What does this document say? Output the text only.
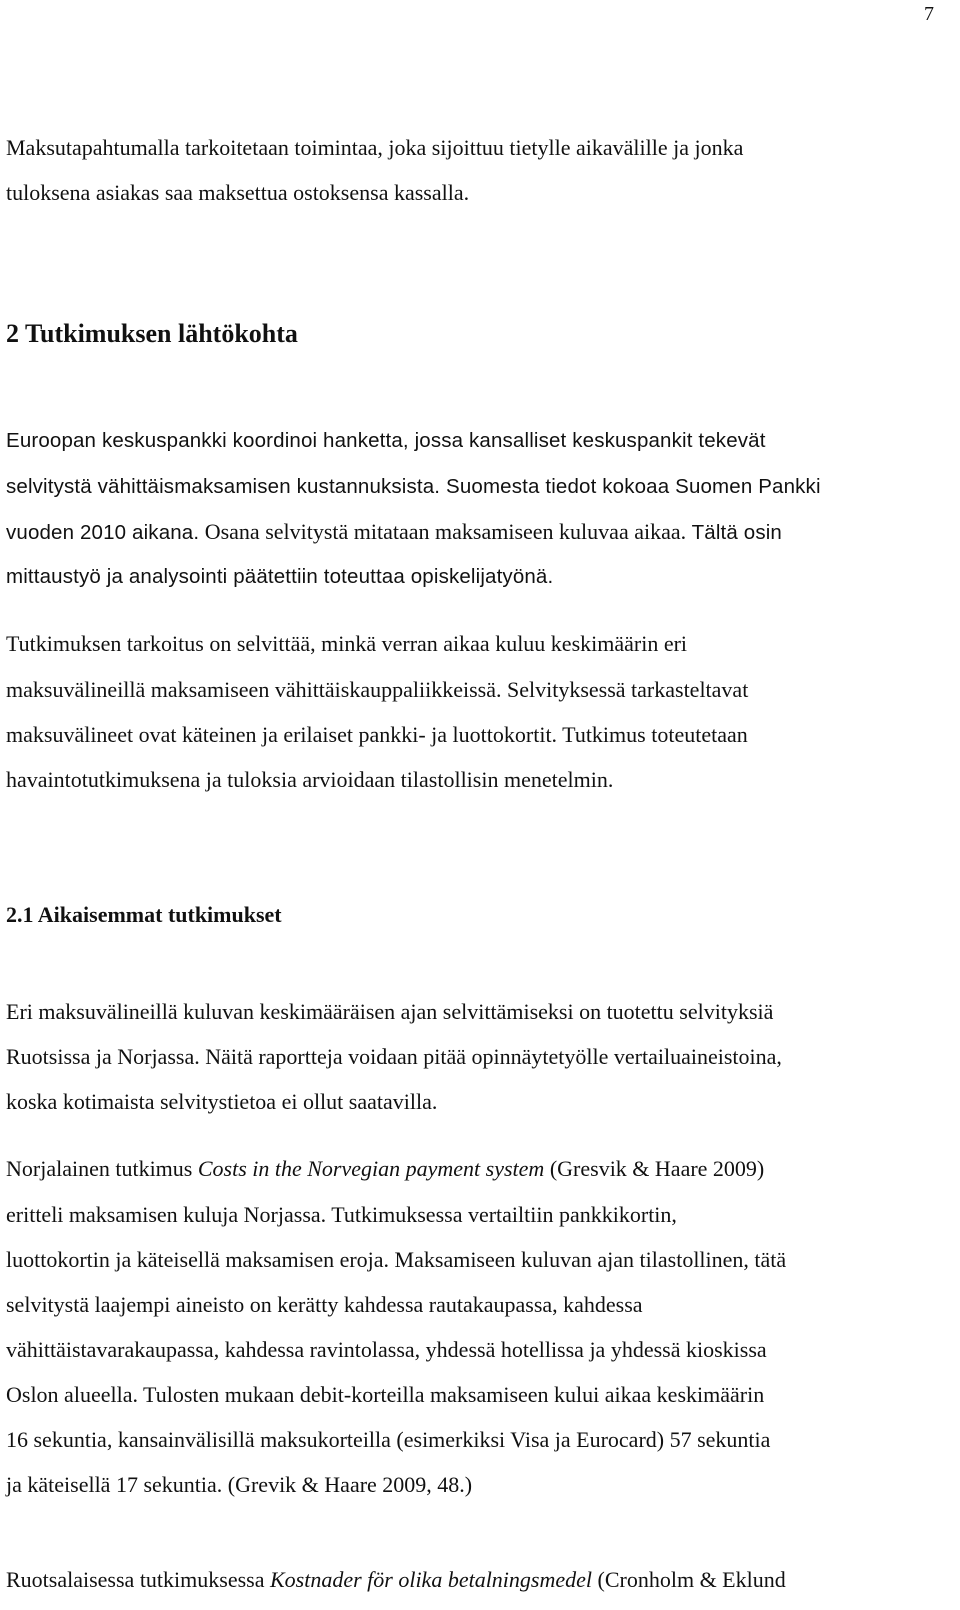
7
Maksutapahtumalla tarkoitetaan toimintaa, joka sijoittuu tietylle aikavälille ja jonka
tuloksena asiakas saa maksettua ostoksensa kassalla.
2 Tutkimuksen lähtökohta
Euroopan keskuspankki koordinoi hanketta, jossa kansalliset keskuspankit tekevät
selvitystä vähittäismaksamisen kustannuksista. Suomesta tiedot kokoaa Suomen Pankki
vuoden 2010 aikana. Osana selvitystä mitataan maksamiseen kuluvaa aikaa. Tältä osin
mittaustyö ja analysointi päätettiin toteuttaa opiskelijatyönä.
Tutkimuksen tarkoitus on selvittää, minkä verran aikaa kuluu keskimäärin eri
maksuvälineillä maksamiseen vähittäiskauppaliikkeissä. Selvityksessä tarkasteltavat
maksuvälineet ovat käteinen ja erilaiset pankki- ja luottokortit. Tutkimus toteutetaan
havaintotutkimuksena ja tuloksia arvioidaan tilastollisin menetelmin.
2.1 Aikaisemmat tutkimukset
Eri maksuvälineillä kuluvan keskimääräisen ajan selvittämiseksi on tuotettu selvityksiä
Ruotsissa ja Norjassa. Näitä raportteja voidaan pitää opinnäytetyölle vertailuaineistoina,
koska kotimaista selvitystietoa ei ollut saatavilla.
Norjalainen tutkimus Costs in the Norvegian payment system (Gresvik & Haare 2009)
eritteli maksamisen kuluja Norjassa. Tutkimuksessa vertailtiin pankkikortin,
luottokortin ja käteisellä maksamisen eroja. Maksamiseen kuluvan ajan tilastollinen, tätä
selvitystä laajempi aineisto on kerätty kahdessa rautakaupassa, kahdessa
vähittäistavarakaupassa, kahdessa ravintolassa, yhdessä hotellissa ja yhdessä kioskissa
Oslon alueella. Tulosten mukaan debit-korteilla maksamiseen kului aikaa keskimäärin
16 sekuntia, kansainvälisillä maksukorteilla (esimerkiksi Visa ja Eurocard) 57 sekuntia
ja käteisellä 17 sekuntia. (Grevik & Haare 2009, 48.)
Ruotsalaisessa tutkimuksessa Kostnader för olika betalningsmedel (Cronholm & Eklund
